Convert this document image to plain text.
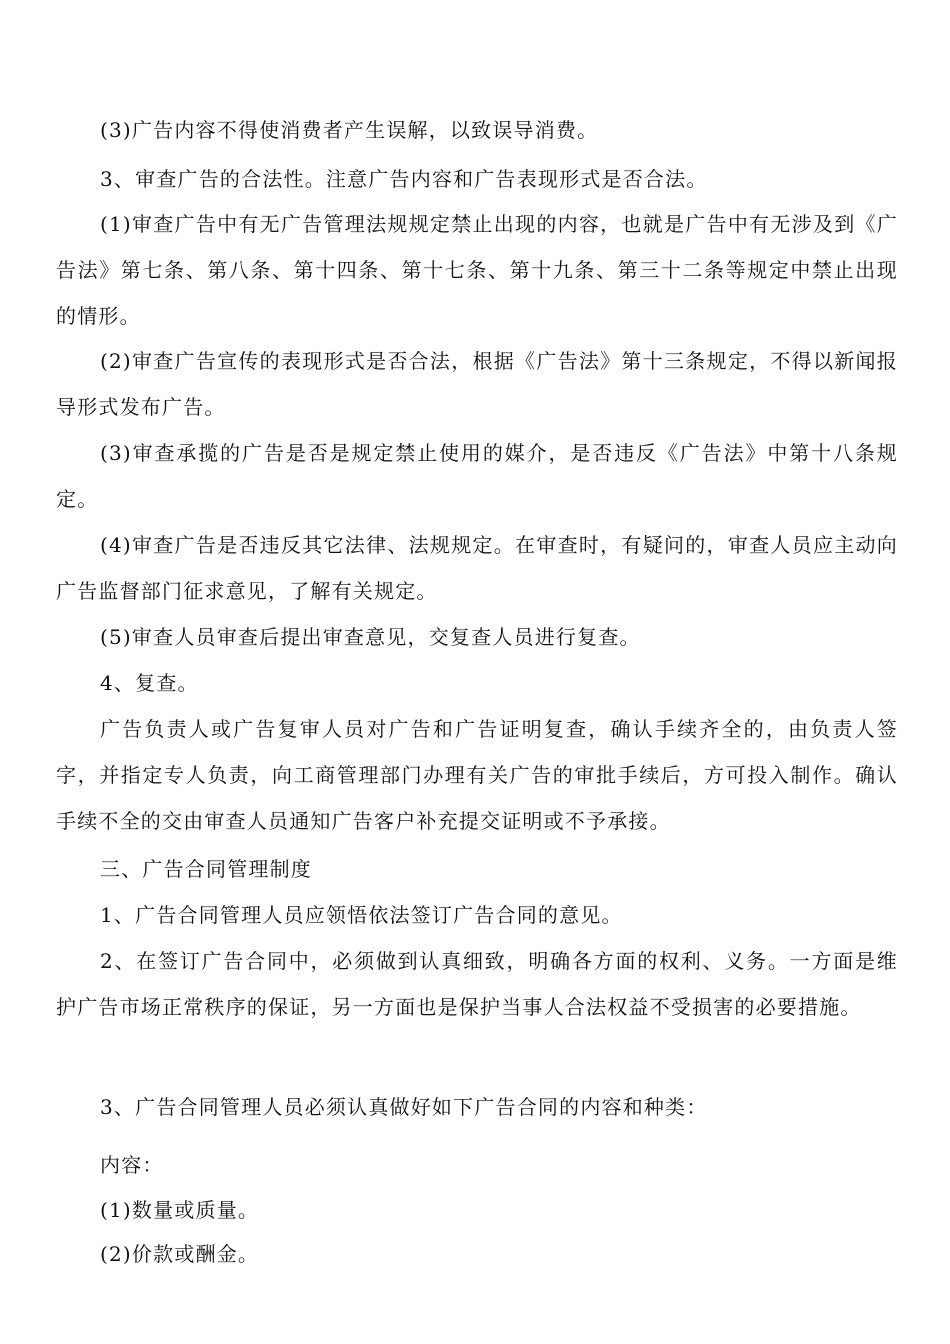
(3)广告内容不得使消费者产生误解，以致误导消费。

3、审查广告的合法性。注意广告内容和广告表现形式是否合法。

(1)审查广告中有无广告管理法规规定禁止出现的内容，也就是广告中有无涉及到《广告法》第七条、第八条、第十四条、第十七条、第十九条、第三十二条等规定中禁止出现的情形。

(2)审查广告宣传的表现形式是否合法，根据《广告法》第十三条规定，不得以新闻报导形式发布广告。

(3)审查承揽的广告是否是规定禁止使用的媒介，是否违反《广告法》中第十八条规定。

(4)审查广告是否违反其它法律、法规规定。在审查时，有疑问的，审查人员应主动向广告监督部门征求意见，了解有关规定。

(5)审查人员审查后提出审查意见，交复查人员进行复查。

4、复查。

广告负责人或广告复审人员对广告和广告证明复查，确认手续齐全的，由负责人签字，并指定专人负责，向工商管理部门办理有关广告的审批手续后，方可投入制作。确认手续不全的交由审查人员通知广告客户补充提交证明或不予承接。

三、广告合同管理制度

1、广告合同管理人员应领悟依法签订广告合同的意见。

2、在签订广告合同中，必须做到认真细致，明确各方面的权利、义务。一方面是维护广告市场正常秩序的保证，另一方面也是保护当事人合法权益不受损害的必要措施。

3、广告合同管理人员必须认真做好如下广告合同的内容和种类：

内容：

(1)数量或质量。

(2)价款或酬金。
